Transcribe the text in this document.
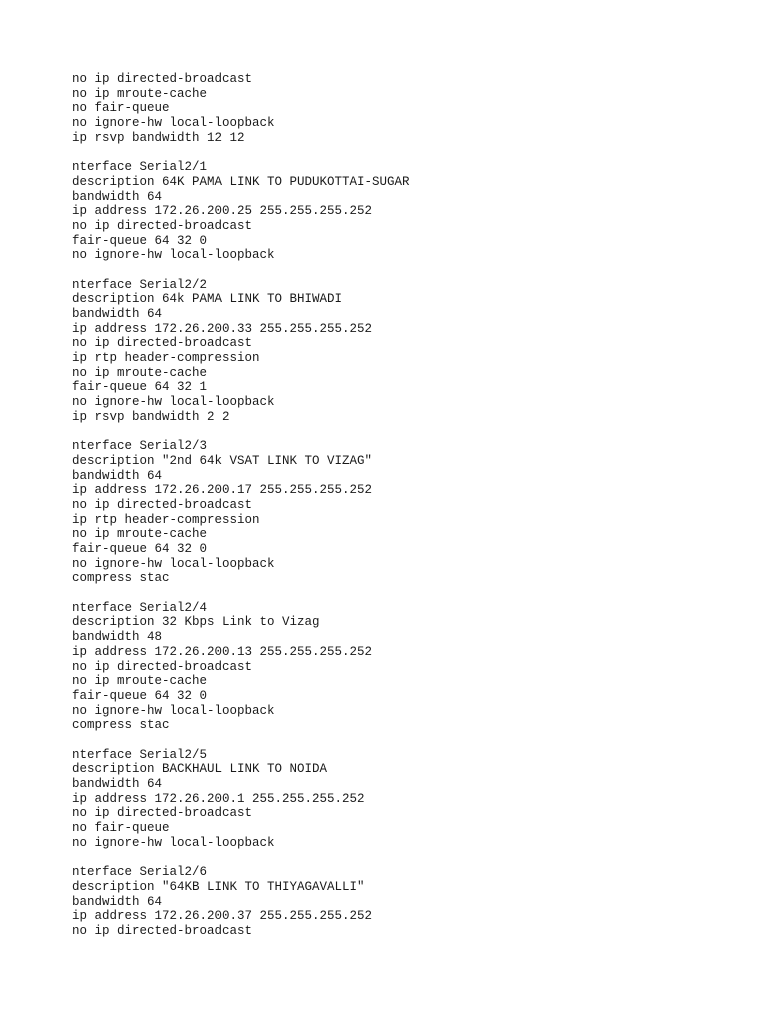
no ip directed-broadcast
no ip mroute-cache
no fair-queue
no ignore-hw local-loopback
ip rsvp bandwidth 12 12
nterface Serial2/1
description 64K PAMA LINK TO PUDUKOTTAI-SUGAR
bandwidth 64
ip address 172.26.200.25 255.255.255.252
no ip directed-broadcast
fair-queue 64 32 0
no ignore-hw local-loopback
nterface Serial2/2
description 64k PAMA LINK TO BHIWADI
bandwidth 64
ip address 172.26.200.33 255.255.255.252
no ip directed-broadcast
ip rtp header-compression
no ip mroute-cache
fair-queue 64 32 1
no ignore-hw local-loopback
ip rsvp bandwidth 2 2
nterface Serial2/3
description "2nd 64k VSAT LINK TO VIZAG"
bandwidth 64
ip address 172.26.200.17 255.255.255.252
no ip directed-broadcast
ip rtp header-compression
no ip mroute-cache
fair-queue 64 32 0
no ignore-hw local-loopback
compress stac
nterface Serial2/4
description 32 Kbps Link to Vizag
bandwidth 48
ip address 172.26.200.13 255.255.255.252
no ip directed-broadcast
no ip mroute-cache
fair-queue 64 32 0
no ignore-hw local-loopback
compress stac
nterface Serial2/5
description BACKHAUL LINK TO NOIDA
bandwidth 64
ip address 172.26.200.1 255.255.255.252
no ip directed-broadcast
no fair-queue
no ignore-hw local-loopback
nterface Serial2/6
description "64KB LINK TO THIYAGAVALLI"
bandwidth 64
ip address 172.26.200.37 255.255.255.252
no ip directed-broadcast
